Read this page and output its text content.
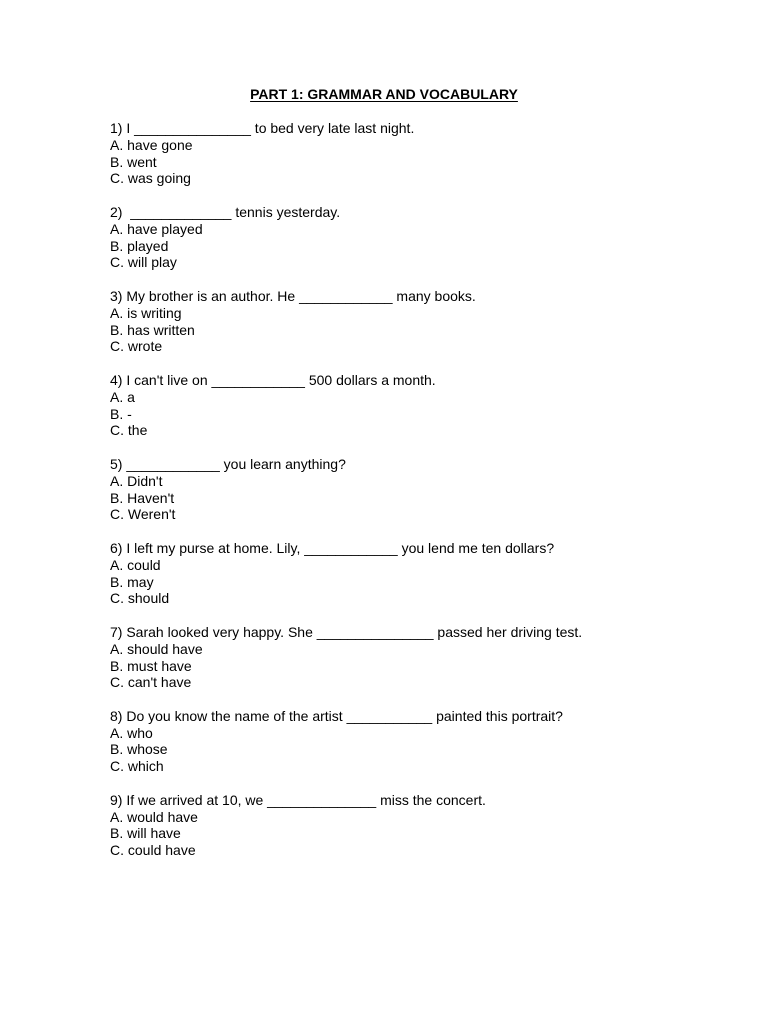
PART 1: GRAMMAR AND VOCABULARY
1) I _______________ to bed very late last night.
A. have gone
B. went
C. was going
2)  _____________ tennis yesterday.
A. have played
B. played
C. will play
3) My brother is an author. He ____________ many books.
A. is writing
B. has written
C. wrote
4) I can't live on ____________ 500 dollars a month.
A. a
B. -
C. the
5) ____________ you learn anything?
A. Didn't
B. Haven't
C. Weren't
6) I left my purse at home. Lily, ____________ you lend me ten dollars?
A. could
B. may
C. should
7) Sarah looked very happy. She _______________ passed her driving test.
A. should have
B. must have
C. can't have
8) Do you know the name of the artist ___________ painted this portrait?
A. who
B. whose
C. which
9) If we arrived at 10, we ______________ miss the concert.
A. would have
B. will have
C. could have
